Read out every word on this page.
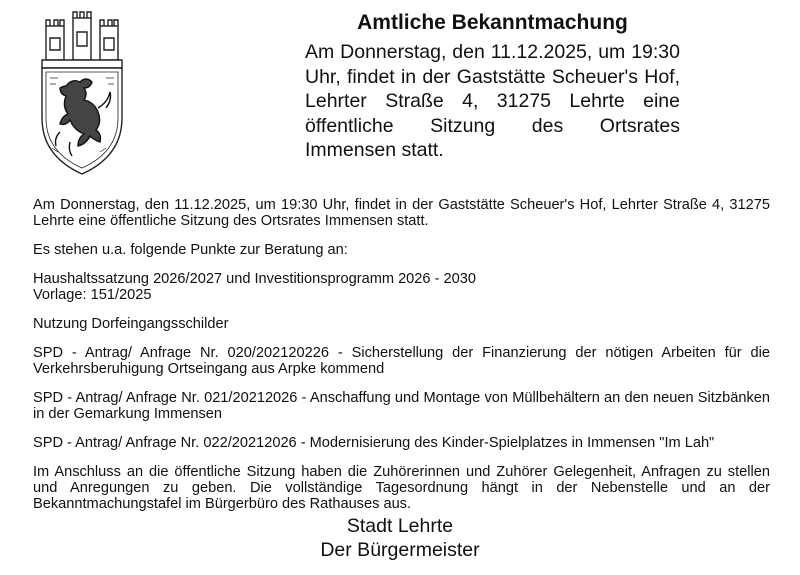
Amtliche Bekanntmachung

Am Donnerstag, den 11.12.2025, um 19:30 Uhr, findet in der Gaststätte Scheuer's Hof, Lehrter Straße 4, 31275 Lehrte eine öffentliche Sitzung des Ortsrates Immensen statt.

Am Donnerstag, den 11.12.2025, um 19:30 Uhr, findet in der Gaststätte Scheuer's Hof, Lehrter Straße 4, 31275 Lehrte eine öffentliche Sitzung des Ortsrates Immensen statt.

Es stehen u.a. folgende Punkte zur Beratung an:

Haushaltssatzung 2026/2027 und Investitionsprogramm 2026 - 2030
Vorlage: 151/2025

Nutzung Dorfeingangsschilder

SPD - Antrag/ Anfrage Nr. 020/202120226 - Sicherstellung der Finanzierung der nötigen Arbeiten für die Verkehrsberuhigung Ortseingang aus Arpke kommend

SPD - Antrag/ Anfrage Nr. 021/20212026 - Anschaffung und Montage von Müllbehältern an den neuen Sitzbänken in der Gemarkung Immensen

SPD - Antrag/ Anfrage Nr. 022/20212026 - Modernisierung des Kinder-Spielplatzes in Immensen "Im Lah"

Im Anschluss an die öffentliche Sitzung haben die Zuhörerinnen und Zuhörer Gelegenheit, Anfragen zu stellen und Anregungen zu geben. Die vollständige Tagesordnung hängt in der Nebenstelle und an der Bekanntmachungstafel im Bürgerbüro des Rathauses aus.

Stadt Lehrte
Der Bürgermeister
